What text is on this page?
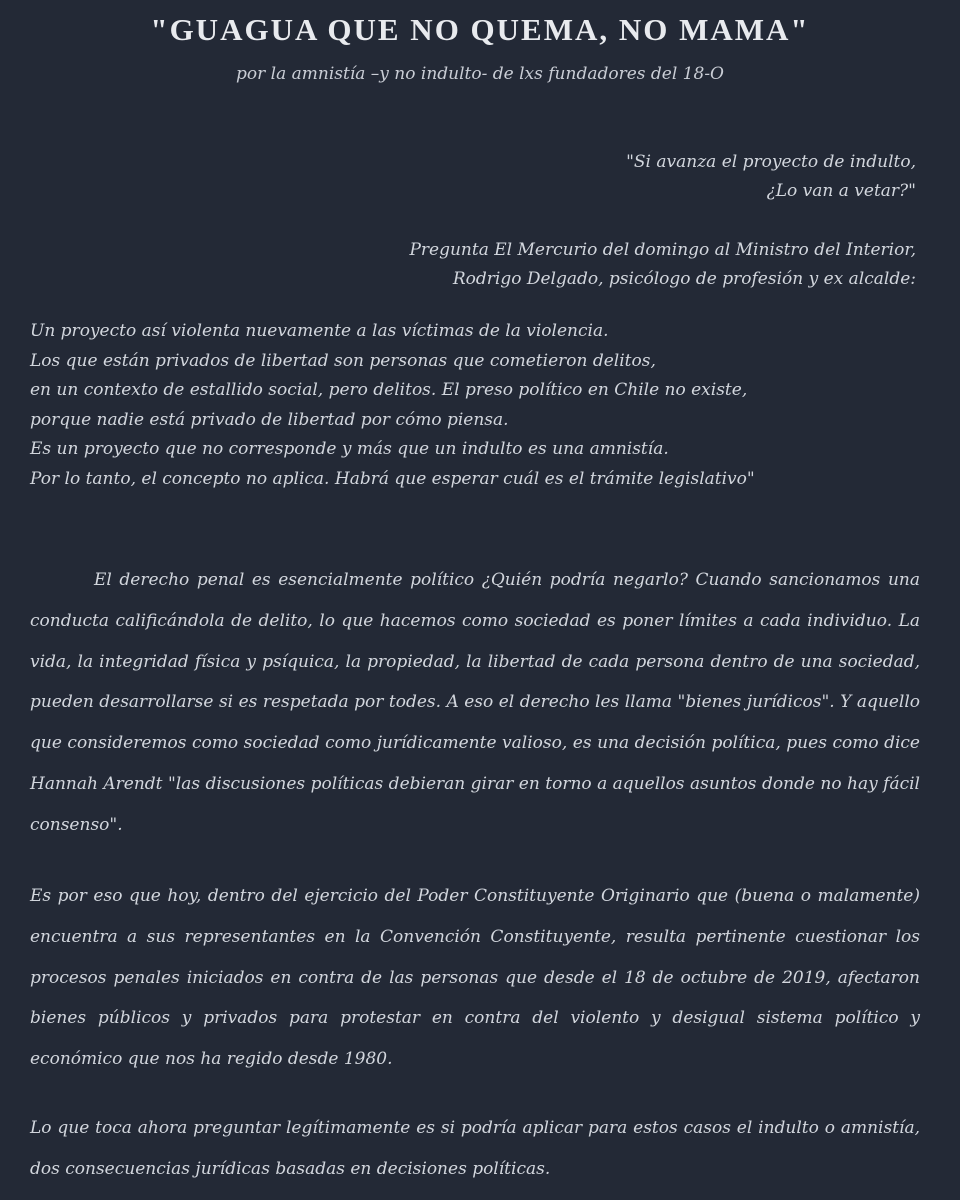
"GUAGUA QUE NO QUEMA, NO MAMA"

por la amnistía –y no indulto- de lxs fundadores del 18-O

"Si avanza el proyecto de indulto,
¿Lo van a vetar?"

Pregunta El Mercurio del domingo al Ministro del Interior,
Rodrigo Delgado, psicólogo de profesión y ex alcalde:

Un proyecto así violenta nuevamente a las víctimas de la violencia.
Los que están privados de libertad son personas que cometieron delitos,
en un contexto de estallido social, pero delitos. El preso político en Chile no existe,
porque nadie está privado de libertad por cómo piensa.
Es un proyecto que no corresponde y más que un indulto es una amnistía.
Por lo tanto, el concepto no aplica. Habrá que esperar cuál es el trámite legislativo"

El derecho penal es esencialmente político ¿Quién podría negarlo? Cuando sancionamos una conducta calificándola de delito, lo que hacemos como sociedad es poner límites a cada individuo. La vida, la integridad física y psíquica, la propiedad, la libertad de cada persona dentro de una sociedad, pueden desarrollarse si es respetada por todes. A eso el derecho les llama "bienes jurídicos". Y aquello que consideremos como sociedad como jurídicamente valioso, es una decisión política, pues como dice Hannah Arendt "las discusiones políticas debieran girar en torno a aquellos asuntos donde no hay fácil consenso".

Es por eso que hoy, dentro del ejercicio del Poder Constituyente Originario que (buena o malamente) encuentra a sus representantes en la Convención Constituyente, resulta pertinente cuestionar los procesos penales iniciados en contra de las personas que desde el 18 de octubre de 2019, afectaron bienes públicos y privados para protestar en contra del violento y desigual sistema político y económico que nos ha regido desde 1980.

Lo que toca ahora preguntar legítimamente es si podría aplicar para estos casos el indulto o amnistía, dos consecuencias jurídicas basadas en decisiones políticas.
